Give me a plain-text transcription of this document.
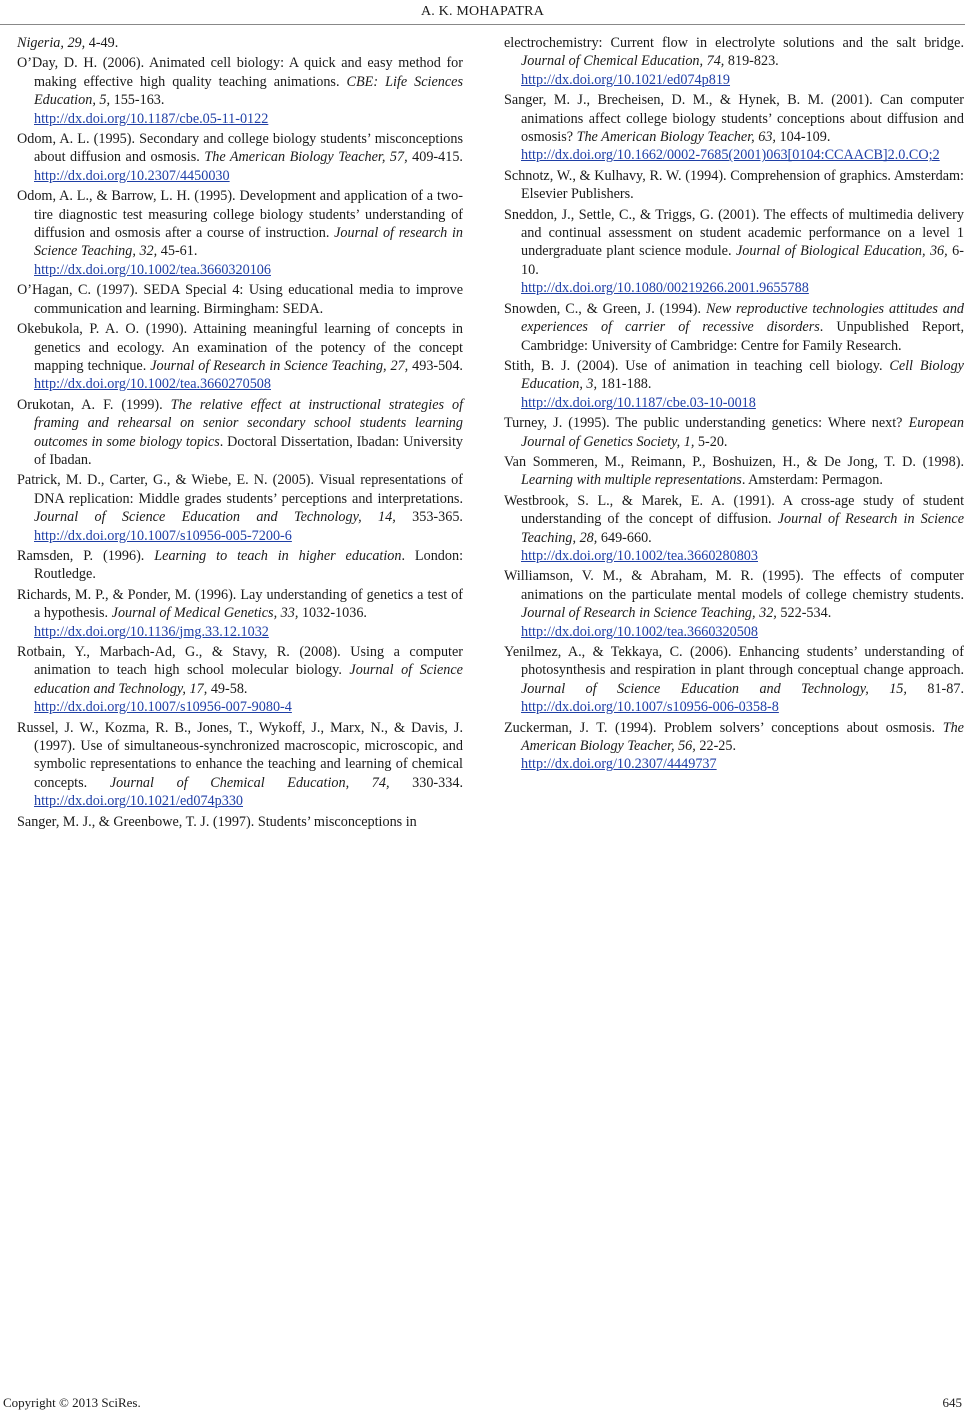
A. K. MOHAPATRA

Nigeria, 29, 4-49.

O’Day, D. H. (2006). Animated cell biology: A quick and easy method for making effective high quality teaching animations. CBE: Life Sciences Education, 5, 155-163.
http://dx.doi.org/10.1187/cbe.05-11-0122

Odom, A. L. (1995). Secondary and college biology students’ misconceptions about diffusion and osmosis. The American Biology Teacher, 57, 409-415. http://dx.doi.org/10.2307/4450030

Odom, A. L., & Barrow, L. H. (1995). Development and application of a two-tire diagnostic test measuring college biology students’ understanding of diffusion and osmosis after a course of instruction. Journal of research in Science Teaching, 32, 45-61.
http://dx.doi.org/10.1002/tea.3660320106

O’Hagan, C. (1997). SEDA Special 4: Using educational media to improve communication and learning. Birmingham: SEDA.

Okebukola, P. A. O. (1990). Attaining meaningful learning of concepts in genetics and ecology. An examination of the potency of the concept mapping technique. Journal of Research in Science Teaching, 27, 493-504. http://dx.doi.org/10.1002/tea.3660270508

Orukotan, A. F. (1999). The relative effect at instructional strategies of framing and rehearsal on senior secondary school students learning outcomes in some biology topics. Doctoral Dissertation, Ibadan: University of Ibadan.

Patrick, M. D., Carter, G., & Wiebe, E. N. (2005). Visual representations of DNA replication: Middle grades students’ perceptions and interpretations. Journal of Science Education and Technology, 14, 353-365. http://dx.doi.org/10.1007/s10956-005-7200-6

Ramsden, P. (1996). Learning to teach in higher education. London: Routledge.

Richards, M. P., & Ponder, M. (1996). Lay understanding of genetics a test of a hypothesis. Journal of Medical Genetics, 33, 1032-1036.
http://dx.doi.org/10.1136/jmg.33.12.1032

Rotbain, Y., Marbach-Ad, G., & Stavy, R. (2008). Using a computer animation to teach high school molecular biology. Journal of Science education and Technology, 17, 49-58.
http://dx.doi.org/10.1007/s10956-007-9080-4

Russel, J. W., Kozma, R. B., Jones, T., Wykoff, J., Marx, N., & Davis, J. (1997). Use of simultaneous-synchronized macroscopic, microscopic, and symbolic representations to enhance the teaching and learning of chemical concepts. Journal of Chemical Education, 74, 330-334. http://dx.doi.org/10.1021/ed074p330

Sanger, M. J., & Greenbowe, T. J. (1997). Students’ misconceptions in

electrochemistry: Current flow in electrolyte solutions and the salt bridge. Journal of Chemical Education, 74, 819-823.
http://dx.doi.org/10.1021/ed074p819

Sanger, M. J., Brecheisen, D. M., & Hynek, B. M. (2001). Can computer animations affect college biology students’ conceptions about diffusion and osmosis? The American Biology Teacher, 63, 104-109.
http://dx.doi.org/10.1662/0002-7685(2001)063[0104:CCAACB]2.0.CO;2

Schnotz, W., & Kulhavy, R. W. (1994). Comprehension of graphics. Amsterdam: Elsevier Publishers.

Sneddon, J., Settle, C., & Triggs, G. (2001). The effects of multimedia delivery and continual assessment on student academic performance on a level 1 undergraduate plant science module. Journal of Biological Education, 36, 6-10.
http://dx.doi.org/10.1080/00219266.2001.9655788

Snowden, C., & Green, J. (1994). New reproductive technologies attitudes and experiences of carrier of recessive disorders. Unpublished Report, Cambridge: University of Cambridge: Centre for Family Research.

Stith, B. J. (2004). Use of animation in teaching cell biology. Cell Biology Education, 3, 181-188.
http://dx.doi.org/10.1187/cbe.03-10-0018

Turney, J. (1995). The public understanding genetics: Where next? European Journal of Genetics Society, 1, 5-20.

Van Sommeren, M., Reimann, P., Boshuizen, H., & De Jong, T. D. (1998). Learning with multiple representations. Amsterdam: Permagon.

Westbrook, S. L., & Marek, E. A. (1991). A cross-age study of student understanding of the concept of diffusion. Journal of Research in Science Teaching, 28, 649-660.
http://dx.doi.org/10.1002/tea.3660280803

Williamson, V. M., & Abraham, M. R. (1995). The effects of computer animations on the particulate mental models of college chemistry students. Journal of Research in Science Teaching, 32, 522-534.
http://dx.doi.org/10.1002/tea.3660320508

Yenilmez, A., & Tekkaya, C. (2006). Enhancing students’ understanding of photosynthesis and respiration in plant through conceptual change approach. Journal of Science Education and Technology, 15, 81-87. http://dx.doi.org/10.1007/s10956-006-0358-8

Zuckerman, J. T. (1994). Problem solvers’ conceptions about osmosis. The American Biology Teacher, 56, 22-25.
http://dx.doi.org/10.2307/4449737

Copyright © 2013 SciRes.	645
